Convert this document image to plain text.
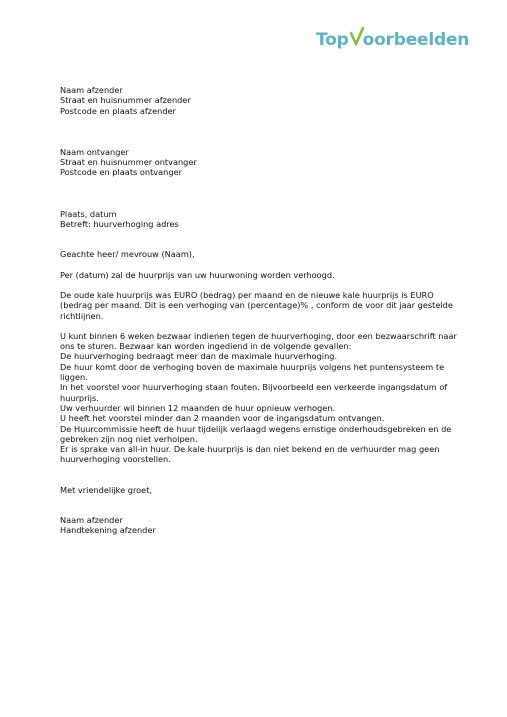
Top oorbeelden

Naam afzender

Straat en huisnummer afzender

Postcode en plaats afzender

Naam ontvanger

Straat en huisnummer ontvanger

Postcode en plaats ontvanger

Plaats, datum

Betreft: huurverhoging adres

Geachte heer/ mevrouw (Naam),

Per (datum) zal de huurprijs van uw huurwoning worden verhoogd.

De oude kale huurprijs was EURO (bedrag) per maand en de nieuwe kale huurprijs is EURO (bedrag per maand. Dit is een verhoging van (percentage)% , conform de voor dit jaar gestelde richtlijnen.

U kunt binnen 6 weken bezwaar indienen tegen de huurverhoging, door een bezwaarschrift naar ons te sturen. Bezwaar kan worden ingediend in de volgende gevallen:

De huurverhoging bedraagt meer dan de maximale huurverhoging.

De huur komt door de verhoging boven de maximale huurprijs volgens het puntensysteem te liggen.

In het voorstel voor huurverhoging staan fouten. Bijvoorbeeld een verkeerde ingangsdatum of huurprijs.

Uw verhuurder wil binnen 12 maanden de huur opnieuw verhogen.

U heeft het voorstel minder dan 2 maanden voor de ingangsdatum ontvangen.

De Huurcommissie heeft de huur tijdelijk verlaagd wegens ernstige onderhoudsgebreken en de gebreken zijn nog niet verholpen.

Er is sprake van all-in huur. De kale huurprijs is dan niet bekend en de verhuurder mag geen huurverhoging voorstellen.

Met vriendelijke groet,

Naam afzender

Handtekening afzender
